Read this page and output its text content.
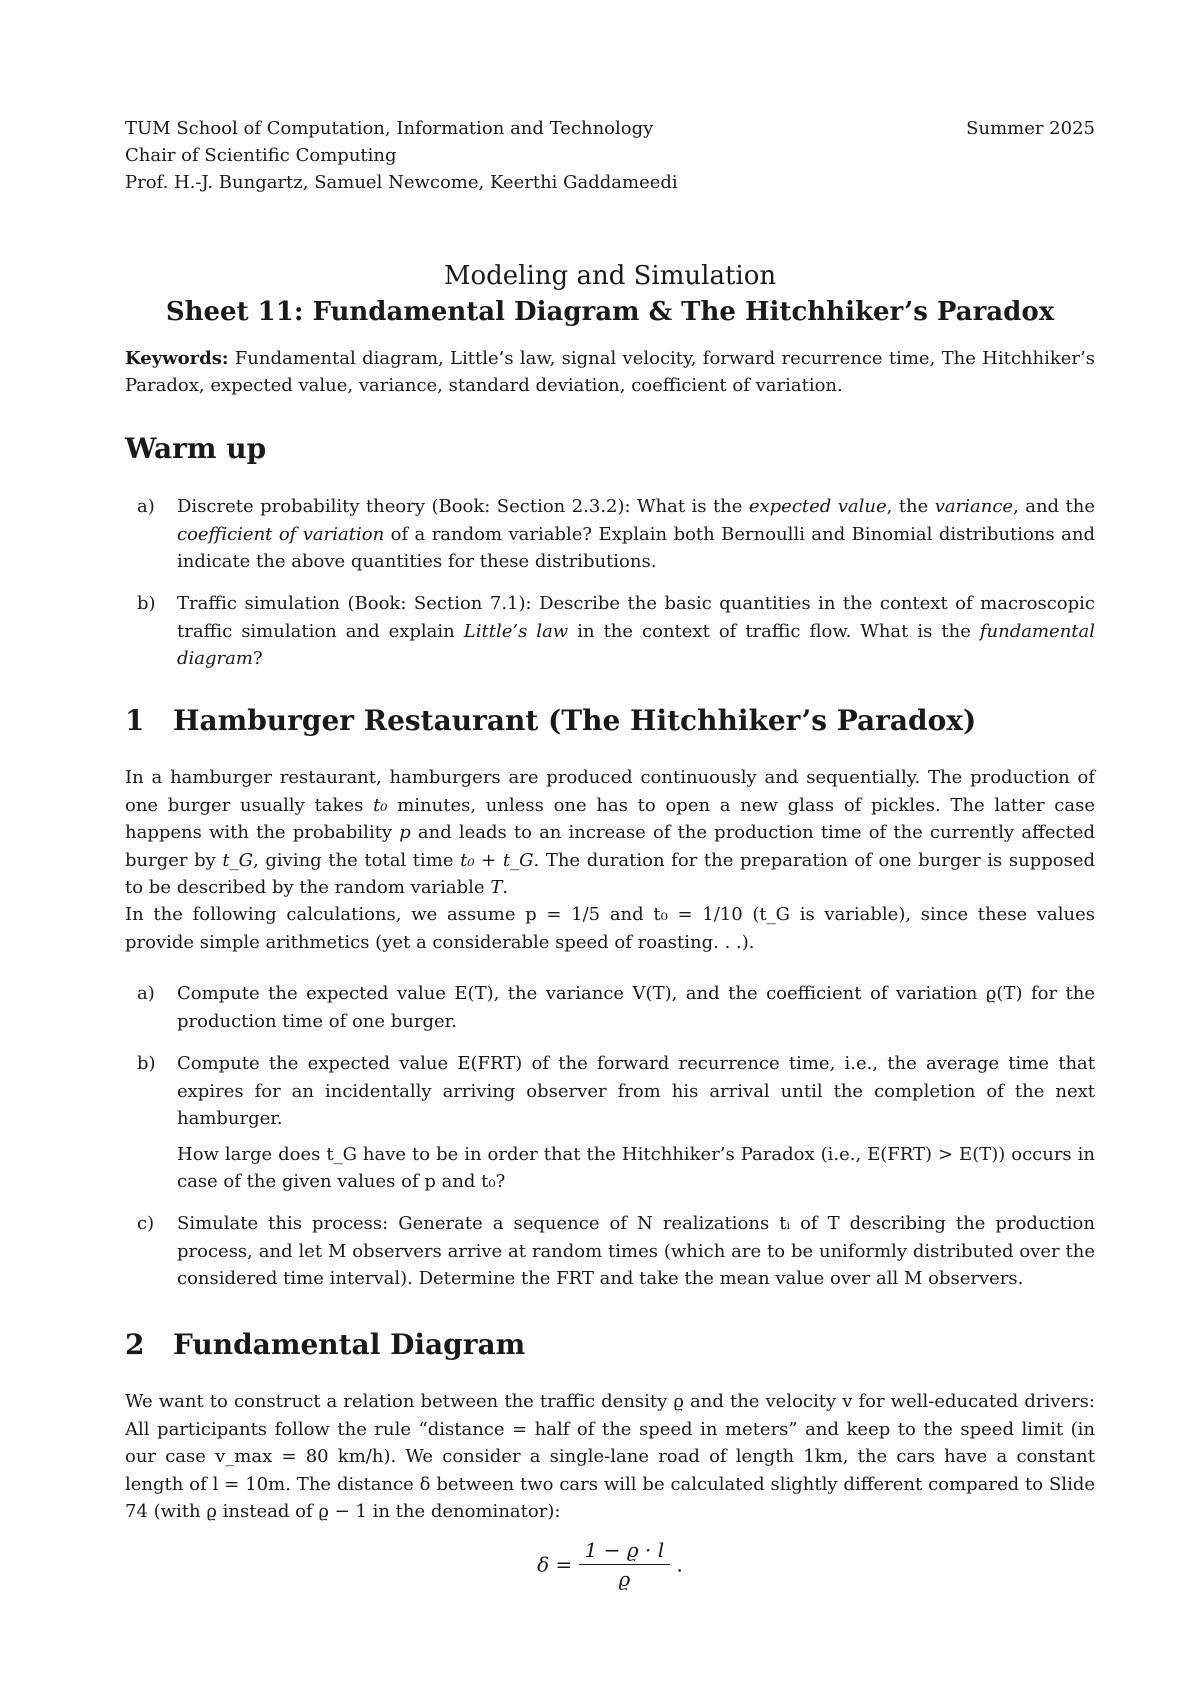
TUM School of Computation, Information and Technology
Chair of Scientific Computing
Prof. H.-J. Bungartz, Samuel Newcome, Keerthi Gaddameedi
Summer 2025
Modeling and Simulation
Sheet 11: Fundamental Diagram & The Hitchhiker’s Paradox
Keywords: Fundamental diagram, Little’s law, signal velocity, forward recurrence time, The Hitchhiker’s Paradox, expected value, variance, standard deviation, coefficient of variation.
Warm up
a) Discrete probability theory (Book: Section 2.3.2): What is the expected value, the variance, and the coefficient of variation of a random variable? Explain both Bernoulli and Binomial distributions and indicate the above quantities for these distributions.
b) Traffic simulation (Book: Section 7.1): Describe the basic quantities in the context of macroscopic traffic simulation and explain Little’s law in the context of traffic flow. What is the fundamental diagram?
1 Hamburger Restaurant (The Hitchhiker’s Paradox)
In a hamburger restaurant, hamburgers are produced continuously and sequentially. The production of one burger usually takes t₀ minutes, unless one has to open a new glass of pickles. The latter case happens with the probability p and leads to an increase of the production time of the currently affected burger by t_G, giving the total time t₀ + t_G. The duration for the preparation of one burger is supposed to be described by the random variable T.
In the following calculations, we assume p = 1/5 and t₀ = 1/10 (t_G is variable), since these values provide simple arithmetics (yet a considerable speed of roasting. . .).
a) Compute the expected value E(T), the variance V(T), and the coefficient of variation ϱ(T) for the production time of one burger.
b) Compute the expected value E(FRT) of the forward recurrence time, i.e., the average time that expires for an incidentally arriving observer from his arrival until the completion of the next hamburger.
How large does t_G have to be in order that the Hitchhiker’s Paradox (i.e., E(FRT) > E(T)) occurs in case of the given values of p and t₀?
c) Simulate this process: Generate a sequence of N realizations tᵢ of T describing the production process, and let M observers arrive at random times (which are to be uniformly distributed over the considered time interval). Determine the FRT and take the mean value over all M observers.
2 Fundamental Diagram
We want to construct a relation between the traffic density ϱ and the velocity v for well-educated drivers: All participants follow the rule “distance = half of the speed in meters” and keep to the speed limit (in our case v_max = 80 km/h). We consider a single-lane road of length 1km, the cars have a constant length of l = 10m. The distance δ between two cars will be calculated slightly different compared to Slide 74 (with ϱ instead of ϱ − 1 in the denominator):
$\delta = \frac{1 - ϱ \cdot l}{ϱ}$ .
